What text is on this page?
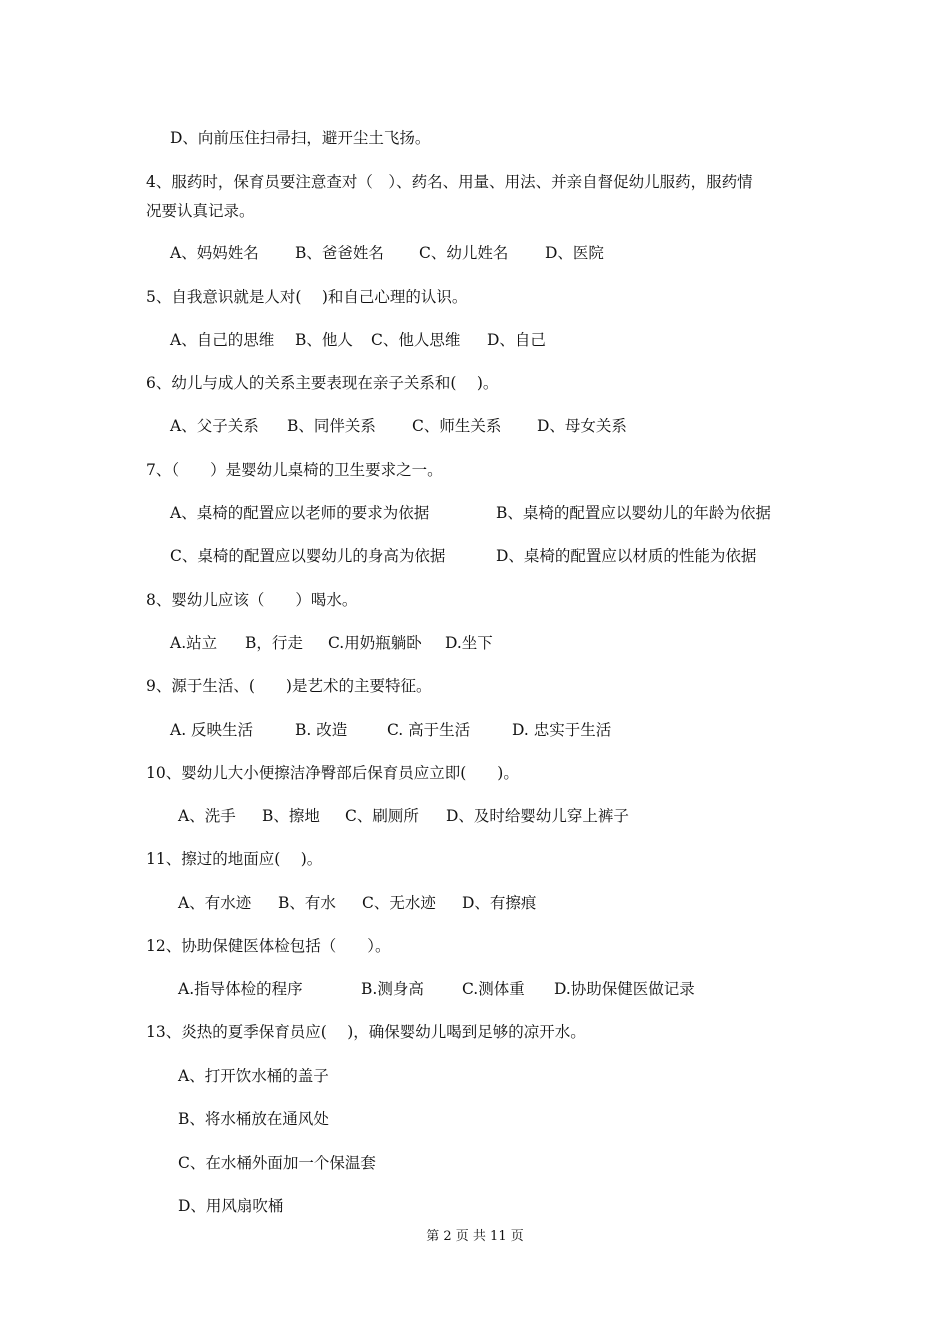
D、向前压住扫帚扫，避开尘土飞扬。
4、服药时，保育员要注意查对（　）、药名、用量、用法、并亲自督促幼儿服药，服药情
况要认真记录。
A、妈妈姓名 B、爸爸姓名 C、幼儿姓名 D、医院
5、自我意识就是人对(　 )和自己心理的认识。
A、自己的思维 B、他人 C、他人思维 D、自己
6、幼儿与成人的关系主要表现在亲子关系和(　 )。
A、父子关系 B、同伴关系 C、师生关系 D、母女关系
7、（　　）是婴幼儿桌椅的卫生要求之一。
A、桌椅的配置应以老师的要求为依据	B、桌椅的配置应以婴幼儿的年龄为依据
C、桌椅的配置应以婴幼儿的身高为依据	D、桌椅的配置应以材质的性能为依据
8、婴幼儿应该（　　）喝水。
A.站立 B，行走 C.用奶瓶躺卧 D.坐下
9、源于生活、(　　)是艺术的主要特征。
A. 反映生活	B. 改造	C. 高于生活	D. 忠实于生活
10、婴幼儿大小便擦洁净臀部后保育员应立即(　　)。
A、洗手 B、擦地 C、刷厕所 D、及时给婴幼儿穿上裤子
11、擦过的地面应(　 )。
A、有水迹 B、有水 C、无水迹 D、有擦痕
12、协助保健医体检包括（　　）。
A.指导体检的程序	B.测身高 C.测体重 D.协助保健医做记录
13、炎热的夏季保育员应(　 )，确保婴幼儿喝到足够的凉开水。
A、打开饮水桶的盖子
B、将水桶放在通风处
C、在水桶外面加一个保温套
D、用风扇吹桶
第 2 页 共 11 页
